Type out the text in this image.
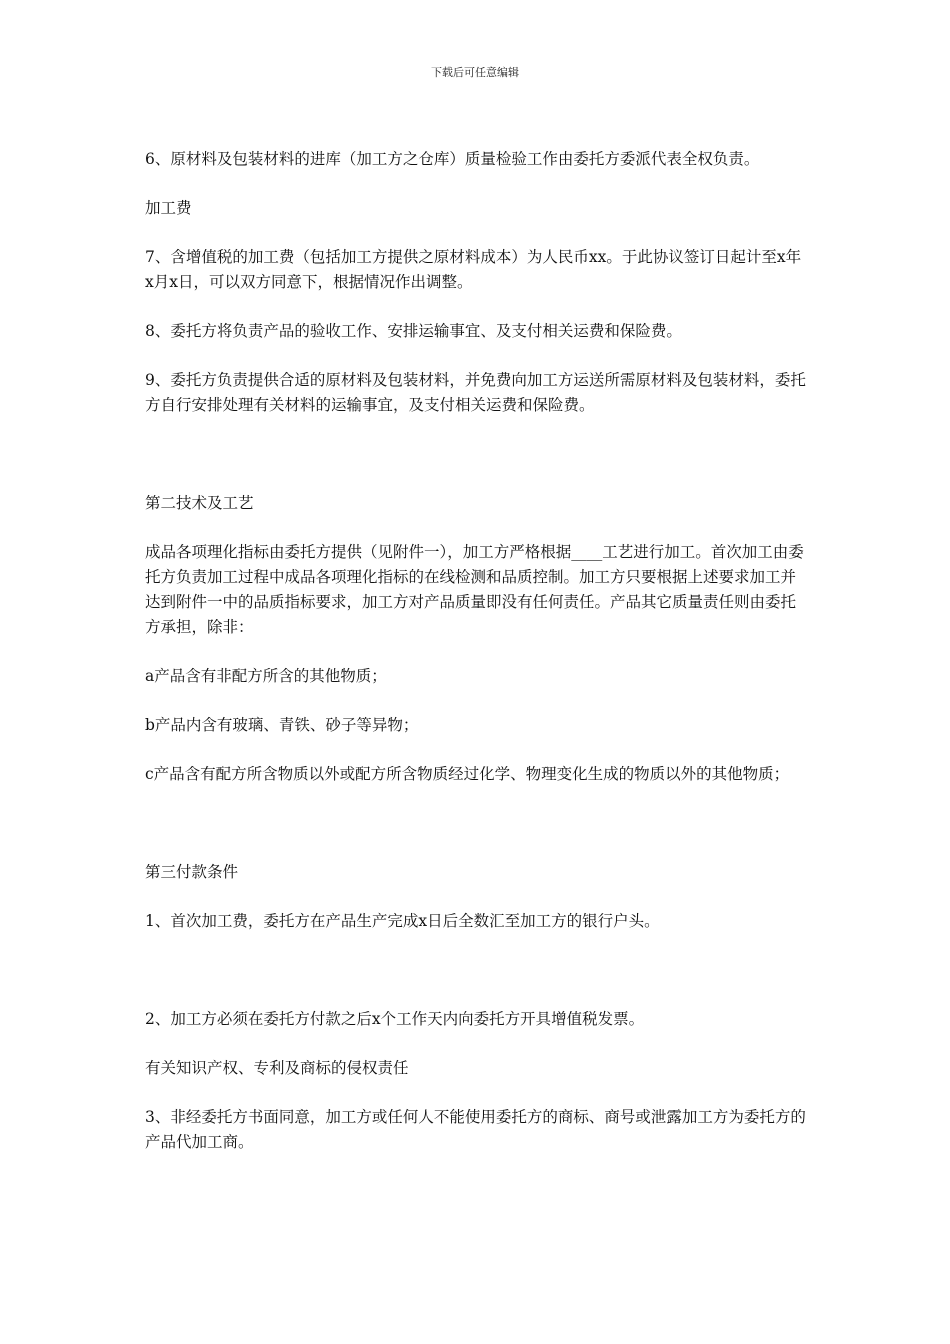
下载后可任意编辑

6、原材料及包装材料的进库（加工方之仓库）质量检验工作由委托方委派代表全权负责。

加工费

7、含增值税的加工费（包括加工方提供之原材料成本）为人民币xx。于此协议签订日起计至x年x月x日，可以双方同意下，根据情况作出调整。

8、委托方将负责产品的验收工作、安排运输事宜、及支付相关运费和保险费。

9、委托方负责提供合适的原材料及包装材料，并免费向加工方运送所需原材料及包装材料，委托方自行安排处理有关材料的运输事宜，及支付相关运费和保险费。

第二技术及工艺

成品各项理化指标由委托方提供（见附件一），加工方严格根据____工艺进行加工。首次加工由委托方负责加工过程中成品各项理化指标的在线检测和品质控制。加工方只要根据上述要求加工并达到附件一中的品质指标要求，加工方对产品质量即没有任何责任。产品其它质量责任则由委托方承担，除非：

a产品含有非配方所含的其他物质；

b产品内含有玻璃、青铁、砂子等异物；

c产品含有配方所含物质以外或配方所含物质经过化学、物理变化生成的物质以外的其他物质；

第三付款条件

1、首次加工费，委托方在产品生产完成x日后全数汇至加工方的银行户头。

2、加工方必须在委托方付款之后x个工作天内向委托方开具增值税发票。

有关知识产权、专利及商标的侵权责任

3、非经委托方书面同意，加工方或任何人不能使用委托方的商标、商号或泄露加工方为委托方的产品代加工商。
